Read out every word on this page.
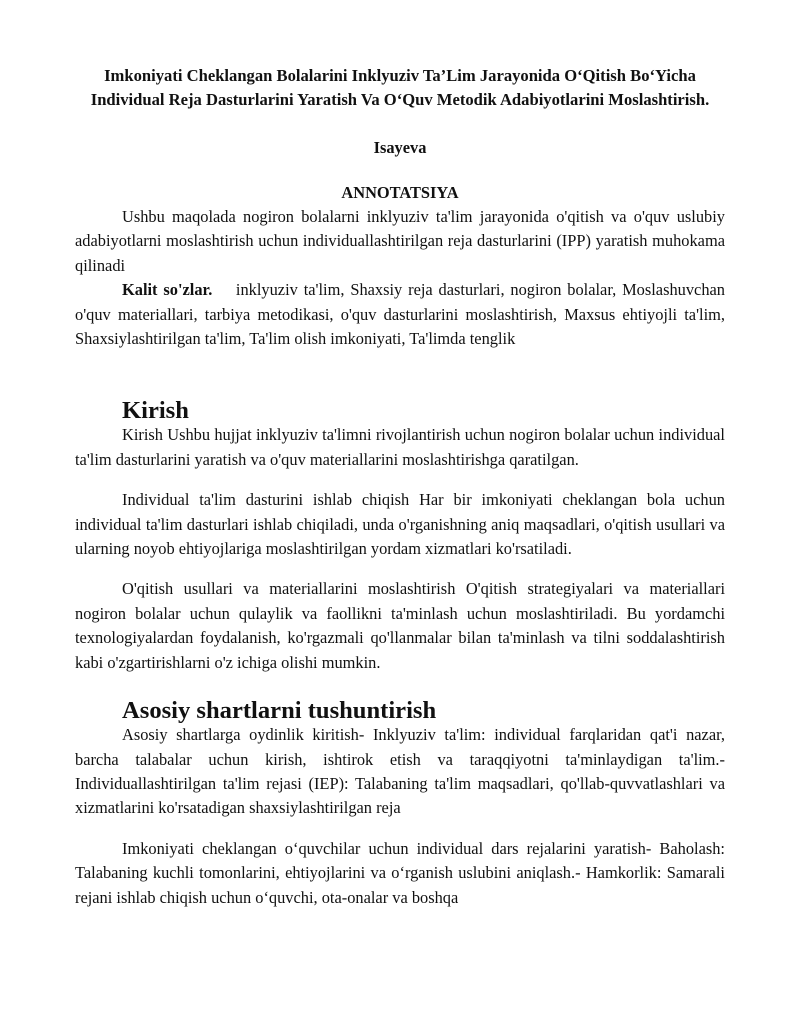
Imkoniyati Cheklangan Bolalarini Inklyuziv Ta’Lim Jarayonida O‘Qitish Bo‘Yicha Individual Reja Dasturlarini Yaratish Va O‘Quv Metodik Adabiyotlarini Moslashtirish.
Isayeva
ANNOTATSIYA

Ushbu maqolada nogiron bolalarni inklyuziv ta'lim jarayonida o'qitish va o'quv uslubiy adabiyotlarni moslashtirish uchun individuallashtirilgan reja dasturlarini (IPP) yaratish muhokama qilinadi

Kalit so'zlar. inklyuziv ta'lim, Shaxsiy reja dasturlari, nogiron bolalar, Moslashuvchan o'quv materiallari, tarbiya metodikasi, o'quv dasturlarini moslashtirish, Maxsus ehtiyojli ta'lim, Shaxsiylashtirilgan ta'lim, Ta'lim olish imkoniyati, Ta'limda tenglik

Kirish

Kirish Ushbu hujjat inklyuziv ta'limni rivojlantirish uchun nogiron bolalar uchun individual ta'lim dasturlarini yaratish va o'quv materiallarini moslashtirishga qaratilgan.

Individual ta'lim dasturini ishlab chiqish Har bir imkoniyati cheklangan bola uchun individual ta'lim dasturlari ishlab chiqiladi, unda o'rganishning aniq maqsadlari, o'qitish usullari va ularning noyob ehtiyojlariga moslashtirilgan yordam xizmatlari ko'rsatiladi.

O'qitish usullari va materiallarini moslashtirish O'qitish strategiyalari va materiallari nogiron bolalar uchun qulaylik va faollikni ta'minlash uchun moslashtiriladi. Bu yordamchi texnologiyalardan foydalanish, ko'rgazmali qo'llanmalar bilan ta'minlash va tilni soddalashtirish kabi o'zgartirishlarni o'z ichiga olishi mumkin.

Asosiy shartlarni tushuntirish

Asosiy shartlarga oydinlik kiritish- Inklyuziv ta'lim: individual farqlaridan qat'i nazar, barcha talabalar uchun kirish, ishtirok etish va taraqqiyotni ta'minlaydigan ta'lim.- Individuallashtirilgan ta'lim rejasi (IEP): Talabaning ta'lim maqsadlari, qo'llab-quvvatlashlari va xizmatlarini ko'rsatadigan shaxsiylashtirilgan reja

Imkoniyati cheklangan o‘quvchilar uchun individual dars rejalarini yaratish- Baholash: Talabaning kuchli tomonlarini, ehtiyojlarini va o‘rganish uslubini aniqlash.- Hamkorlik: Samarali rejani ishlab chiqish uchun o‘quvchi, ota-onalar va boshqa
